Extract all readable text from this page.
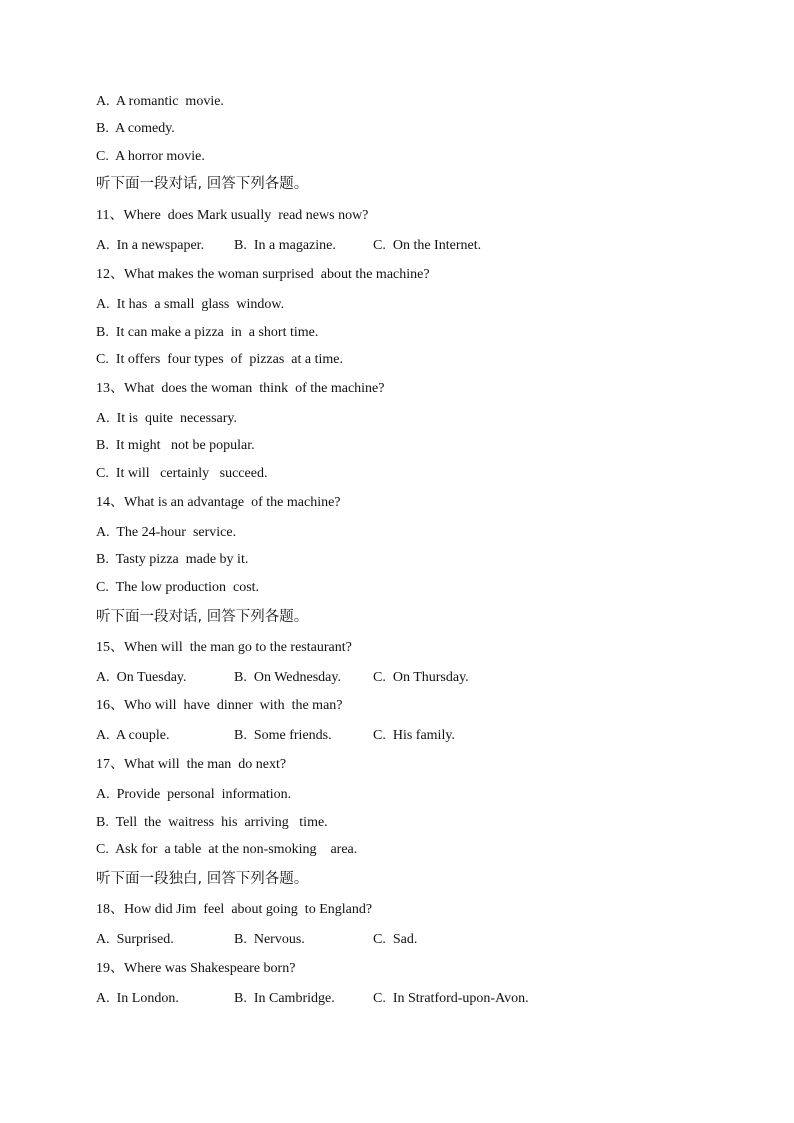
A.  A romantic  movie.
B.  A comedy.
C.  A horror movie.
听下面一段对话, 回答下列各题。
11、Where  does Mark usually  read news now?
A.  In a newspaper.	B.  In a magazine.	C.  On the Internet.
12、What makes the woman surprised  about the machine?
A.  It has  a small  glass  window.
B.  It can make a pizza  in  a short time.
C.  It offers  four types  of  pizzas  at a time.
13、What  does the woman  think  of the machine?
A.  It is  quite  necessary.
B.  It might   not be popular.
C.  It will   certainly   succeed.
14、What is an advantage  of the machine?
A.  The 24-hour  service.
B.  Tasty pizza  made by it.
C.  The low production  cost.
听下面一段对话, 回答下列各题。
15、When will  the man go to the restaurant?
A.  On Tuesday.	B.  On Wednesday.	C.  On Thursday.
16、Who will  have  dinner  with  the man?
A.  A couple.	B.  Some friends.	C.  His family.
17、What will  the man  do next?
A.  Provide  personal  information.
B.  Tell  the  waitress  his  arriving   time.
C.  Ask for  a table  at the non-smoking    area.
听下面一段独白, 回答下列各题。
18、How did Jim  feel  about going  to England?
A.  Surprised.	B.  Nervous.	C.  Sad.
19、Where was Shakespeare born?
A.  In London.	B.  In Cambridge.	C.  In Stratford-upon-Avon.
